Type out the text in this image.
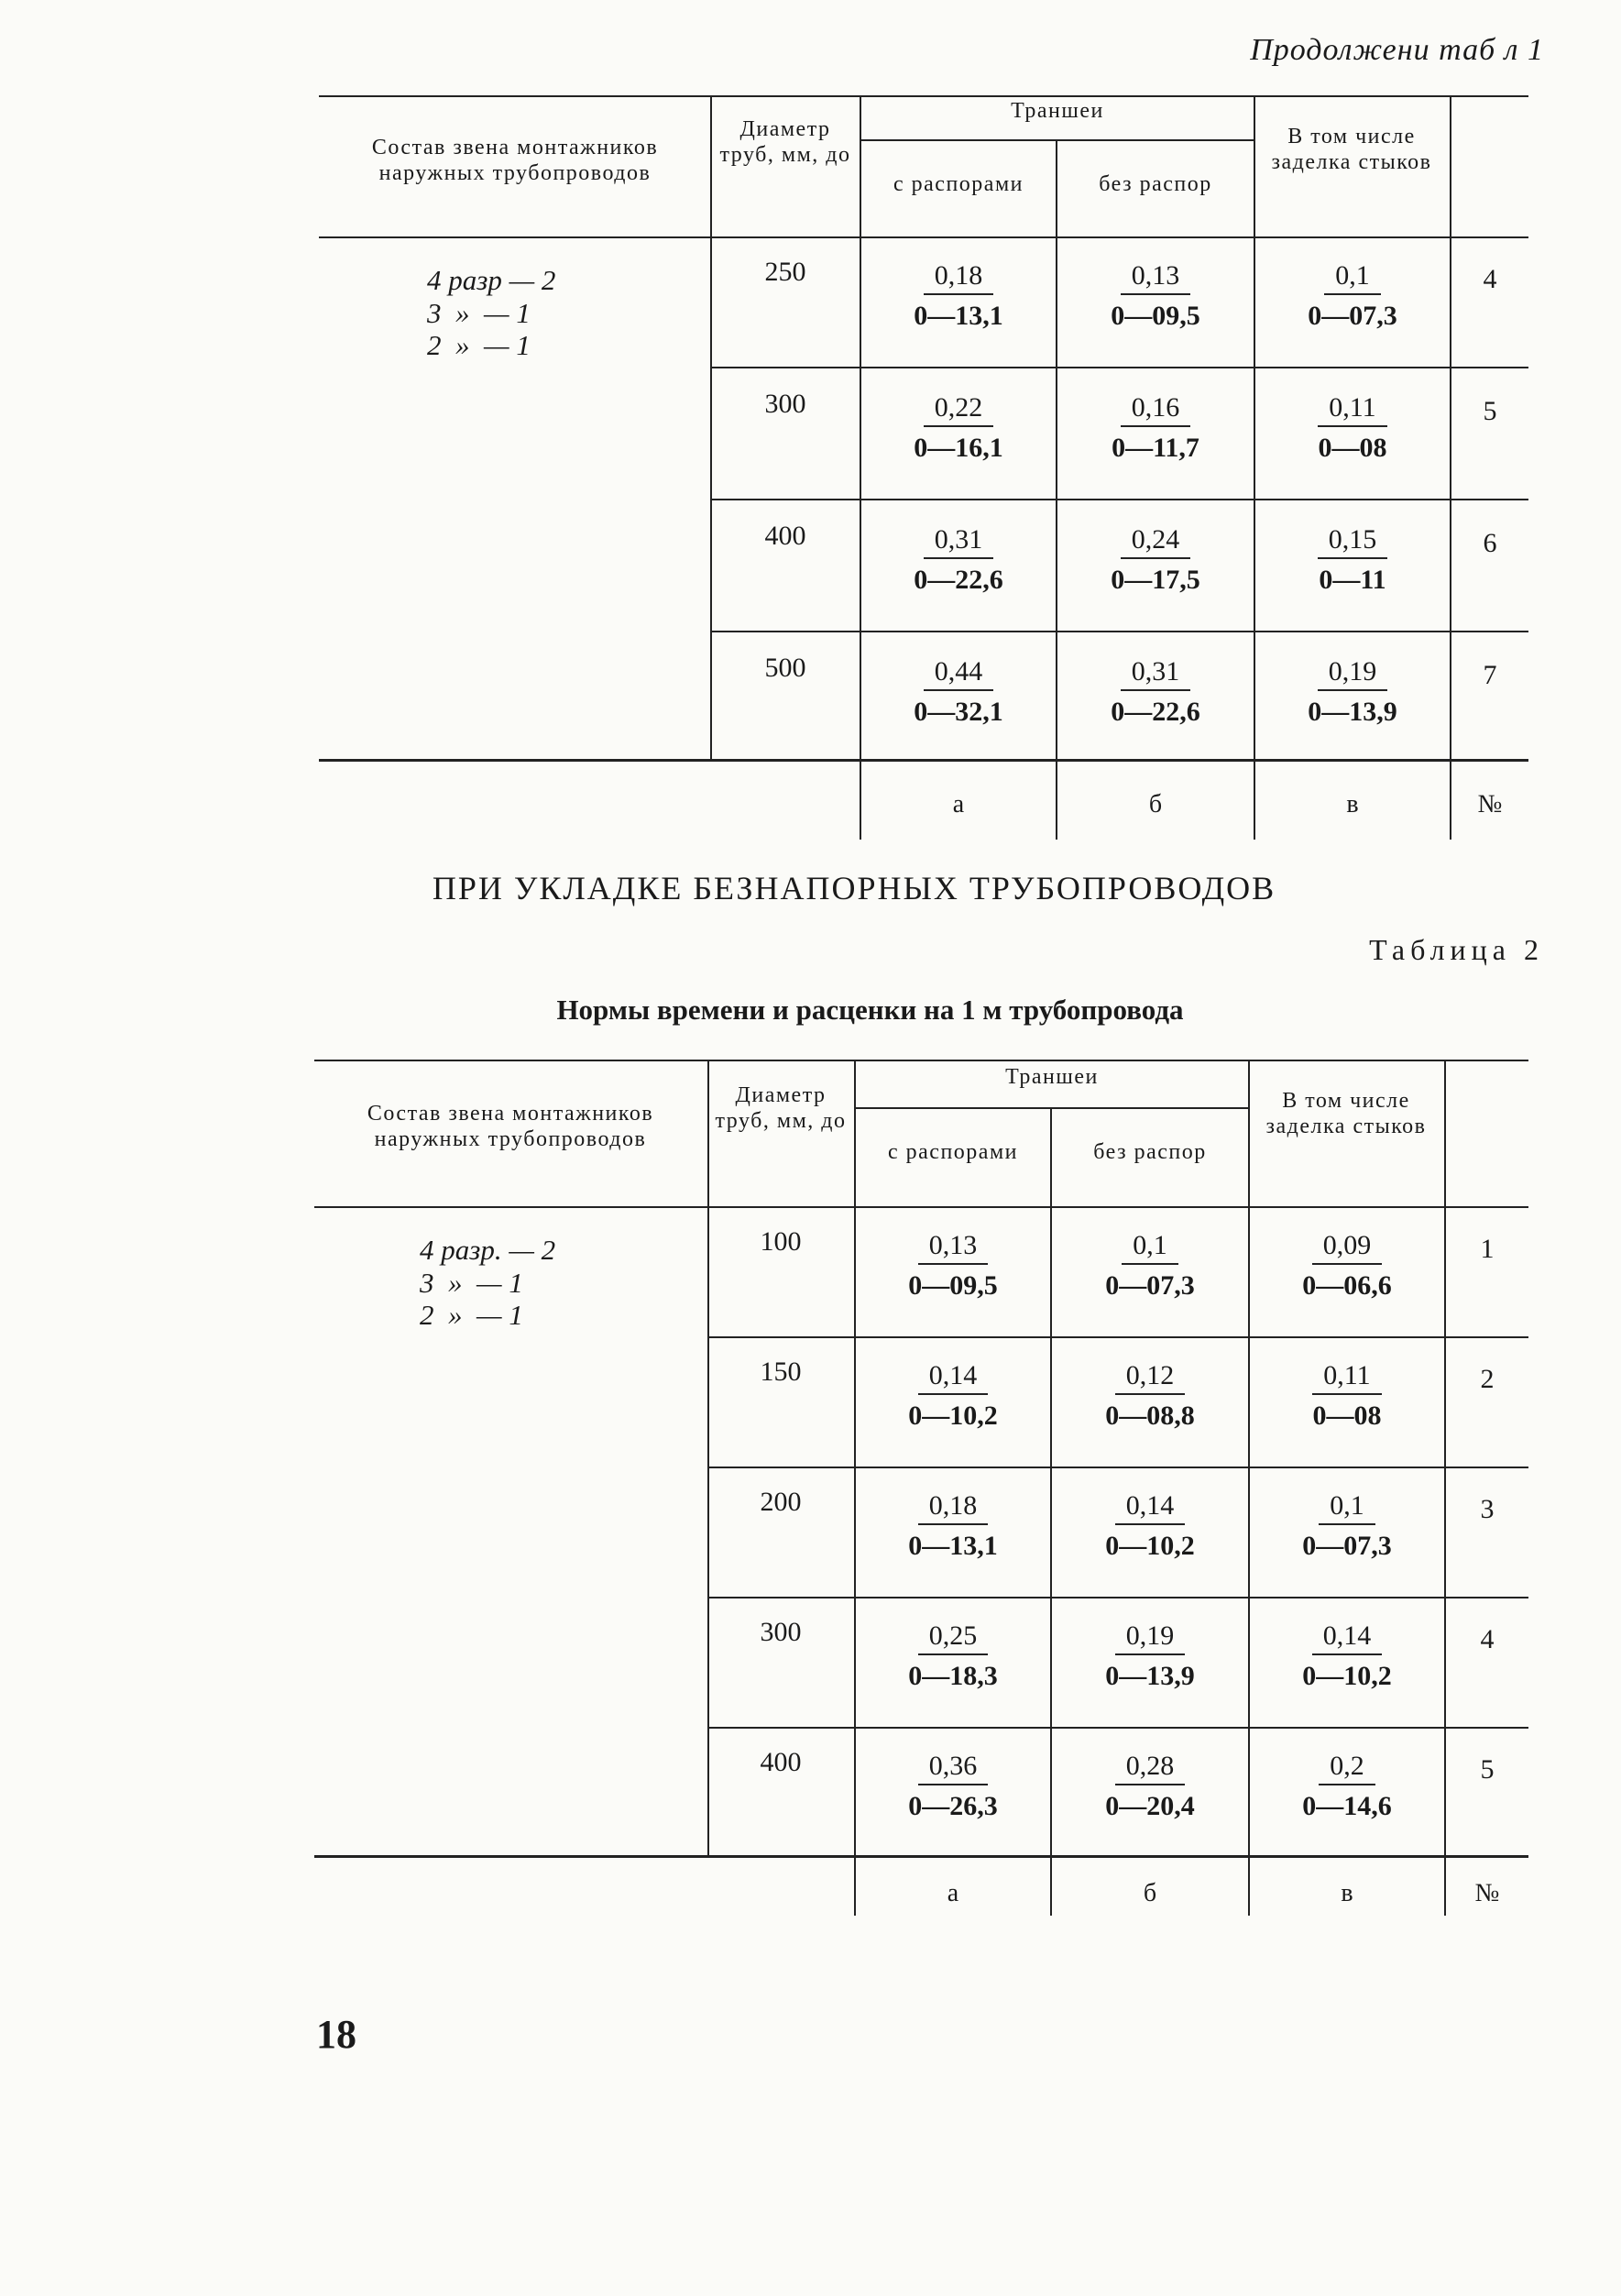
Продолжени таб л 1
Состав звена монтажников наружных трубопроводов
Диаметр труб, мм, до
Траншеи
с распорами	без распор
В том числе заделка стыков
4 разр — 2
3  »  — 1
2  »  — 1
250	$\frac{0,18}{0—13,1} \frac{0,13}{0—09,5} \frac{0,1}{0—07,3}$	4
300	$\frac{0,22}{0—16,1} \frac{0,16}{0—11,7} \frac{0,11}{0—08}$	5
400	$\frac{0,31}{0—22,6} \frac{0,24}{0—17,5} \frac{0,15}{0—11}$	6
500	$\frac{0,44}{0—32,1} \frac{0,31}{0—22,6} \frac{0,19}{0—13,9}$	7
а	б	в	№
ПРИ УКЛАДКЕ БЕЗНАПОРНЫХ ТРУБОПРОВОДОВ
Таблица 2
Нормы времени и расценки на 1 м трубопровода
Состав звена монтажников наружных трубопроводов
Диаметр труб, мм, до
Траншеи
с распорами	без распор
В том числе заделка стыков
4 разр. — 2
3  »  — 1
2  »  — 1
100	$\frac{0,13}{0—09,5} \frac{0,1}{0—07,3} \frac{0,09}{0—06,6}$	1
150	$\frac{0,14}{0—10,2} \frac{0,12}{0—08,8} \frac{0,11}{0—08}$	2
200	$\frac{0,18}{0—13,1} \frac{0,14}{0—10,2} \frac{0,1}{0—07,3}$	3
300	$\frac{0,25}{0—18,3} \frac{0,19}{0—13,9} \frac{0,14}{0—10,2}$	4
400	$\frac{0,36}{0—26,3} \frac{0,28}{0—20,4} \frac{0,2}{0—14,6}$	5
а	б	в	№
18
